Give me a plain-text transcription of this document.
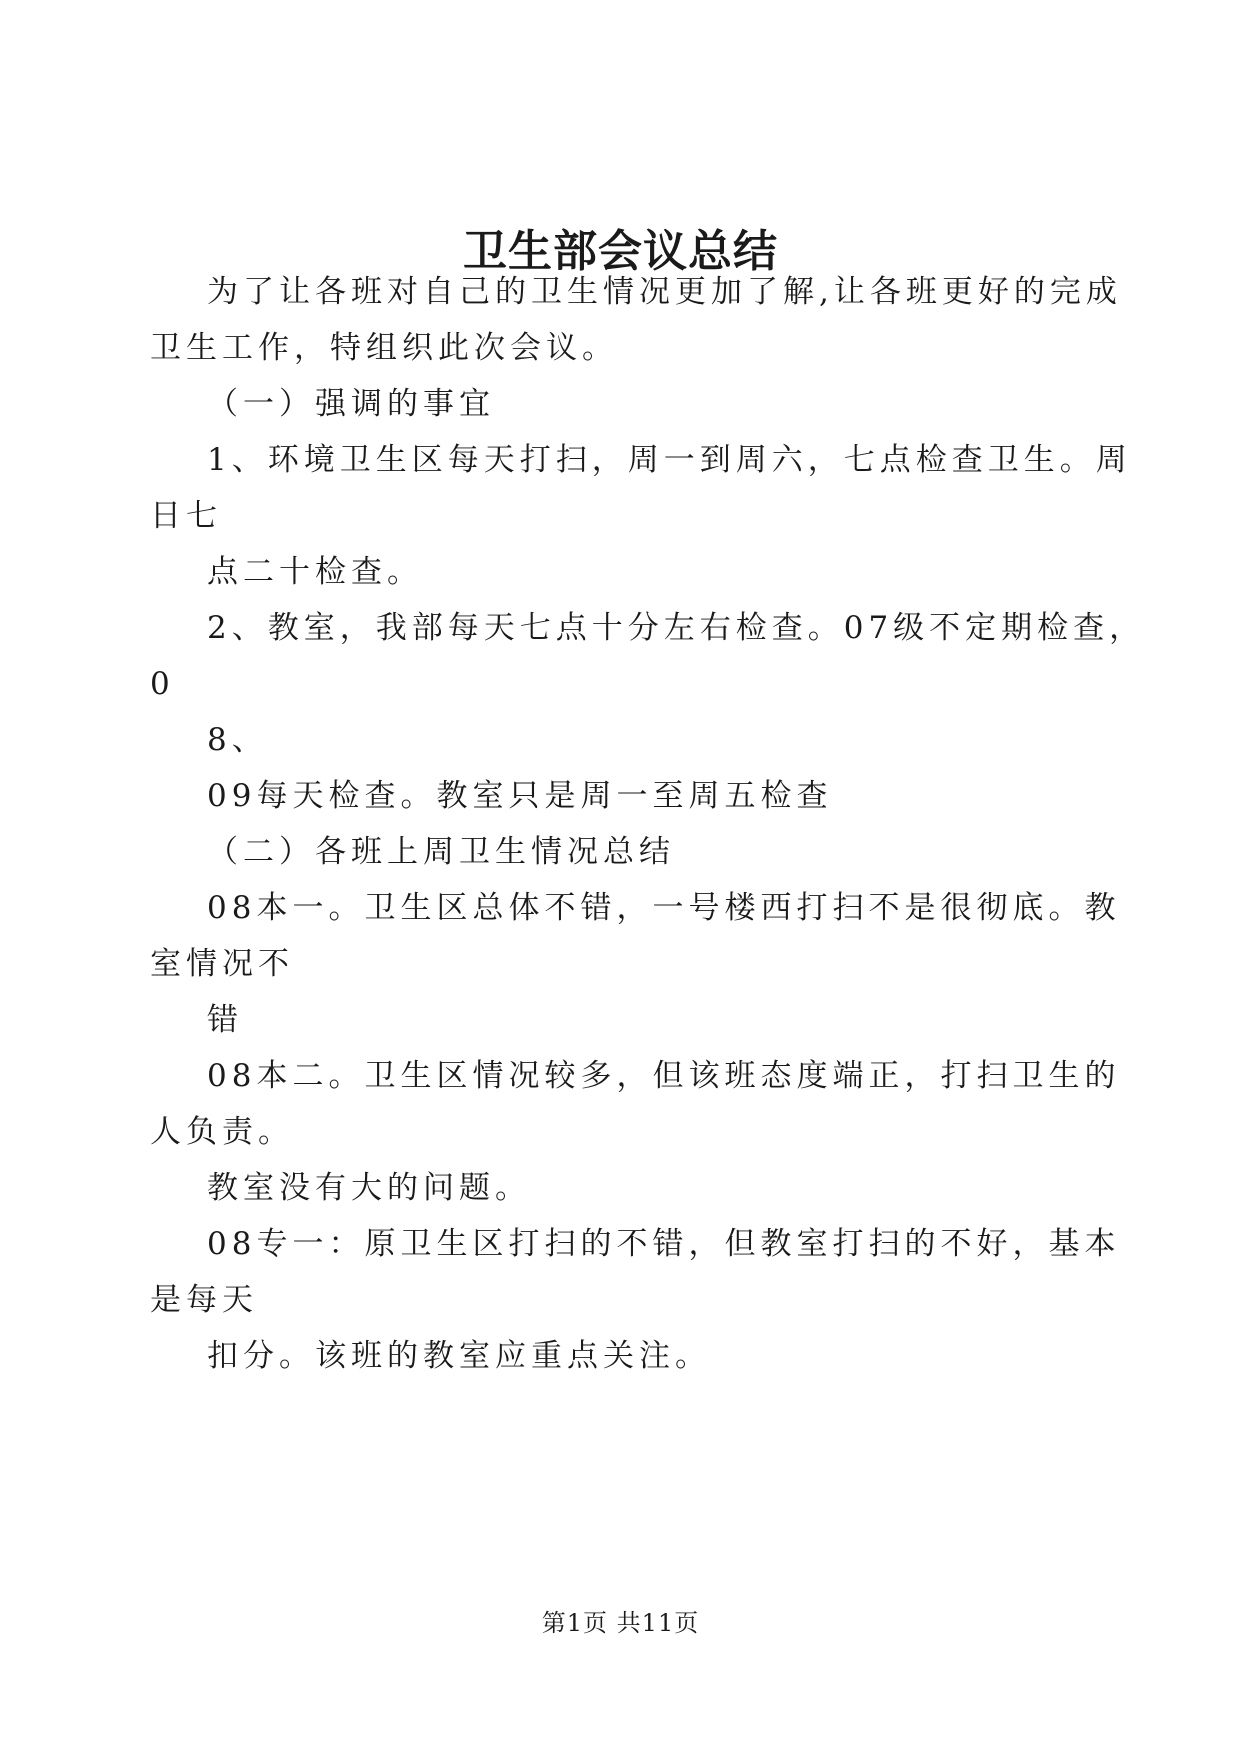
卫生部会议总结

为了让各班对自己的卫生情况更加了解,让各班更好的完成

卫生工作，特组织此次会议。

（一）强调的事宜

1、环境卫生区每天打扫，周一到周六，七点检查卫生。周

日七

点二十检查。

2、教室，我部每天七点十分左右检查。07级不定期检查，

0

8、

09每天检查。教室只是周一至周五检查

（二）各班上周卫生情况总结

08本一。卫生区总体不错，一号楼西打扫不是很彻底。教

室情况不

错

08本二。卫生区情况较多，但该班态度端正，打扫卫生的

人负责。

教室没有大的问题。

08专一：原卫生区打扫的不错，但教室打扫的不好，基本

是每天

扣分。该班的教室应重点关注。

第1页 共11页
